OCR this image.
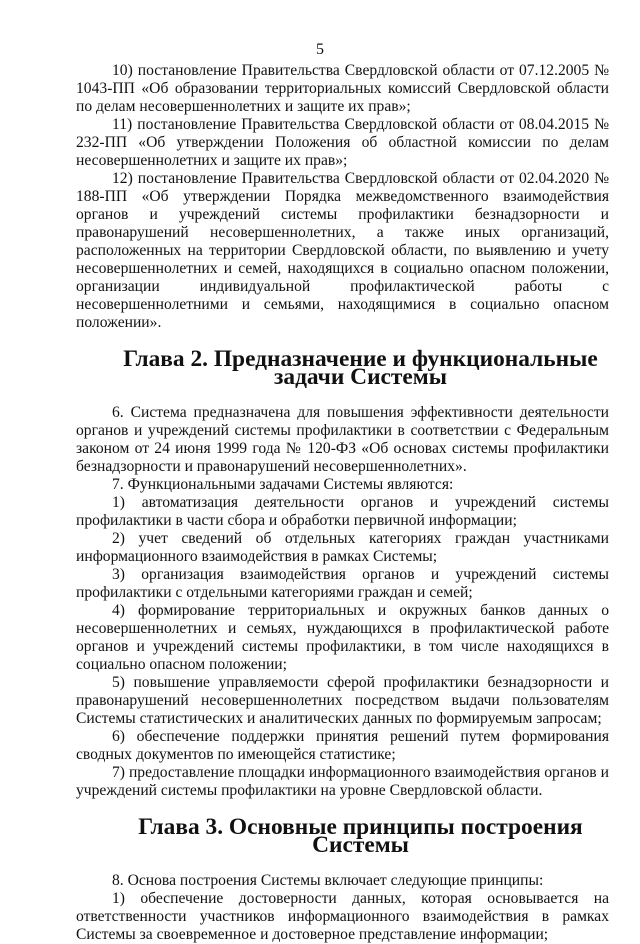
5

10) постановление Правительства Свердловской области от 07.12.2005 № 1043-ПП «Об образовании территориальных комиссий Свердловской области по делам несовершеннолетних и защите их прав»;

11) постановление Правительства Свердловской области от 08.04.2015 № 232-ПП «Об утверждении Положения об областной комиссии по делам несовершеннолетних и защите их прав»;

12) постановление Правительства Свердловской области от 02.04.2020 № 188-ПП «Об утверждении Порядка межведомственного взаимодействия органов и учреждений системы профилактики безнадзорности и правонарушений несовершеннолетних, а также иных организаций, расположенных на территории Свердловской области, по выявлению и учету несовершеннолетних и семей, находящихся в социально опасном положении, организации индивидуальной профилактической работы с несовершеннолетними и семьями, находящимися в социально опасном положении».

Глава 2. Предназначение и функциональные задачи Системы

6. Система предназначена для повышения эффективности деятельности органов и учреждений системы профилактики в соответствии с Федеральным законом от 24 июня 1999 года № 120-ФЗ «Об основах системы профилактики безнадзорности и правонарушений несовершеннолетних».

7. Функциональными задачами Системы являются:

1) автоматизация деятельности органов и учреждений системы профилактики в части сбора и обработки первичной информации;

2) учет сведений об отдельных категориях граждан участниками информационного взаимодействия в рамках Системы;

3) организация взаимодействия органов и учреждений системы профилактики с отдельными категориями граждан и семей;

4) формирование территориальных и окружных банков данных о несовершеннолетних и семьях, нуждающихся в профилактической работе органов и учреждений системы профилактики, в том числе находящихся в социально опасном положении;

5) повышение управляемости сферой профилактики безнадзорности и правонарушений несовершеннолетних посредством выдачи пользователям Системы статистических и аналитических данных по формируемым запросам;

6) обеспечение поддержки принятия решений путем формирования сводных документов по имеющейся статистике;

7) предоставление площадки информационного взаимодействия органов и учреждений системы профилактики на уровне Свердловской области.

Глава 3. Основные принципы построения Системы

8. Основа построения Системы включает следующие принципы:

1) обеспечение достоверности данных, которая основывается на ответственности участников информационного взаимодействия в рамках Системы за своевременное и достоверное представление информации;
